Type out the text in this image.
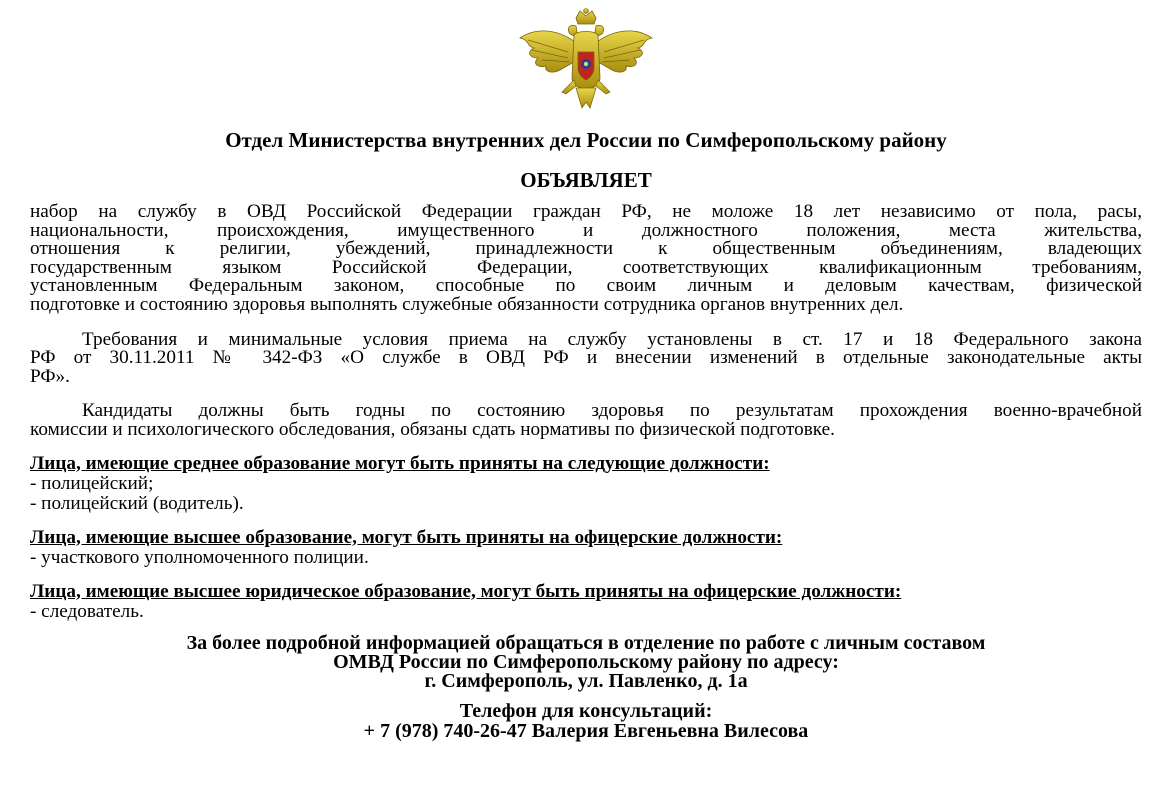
Отдел Министерства внутренних дел России по Симферопольскому району
ОБЪЯВЛЯЕТ
набор на службу в ОВД Российской Федерации граждан РФ, не моложе 18 лет независимо от пола, расы,
национальности, происхождения, имущественного и должностного положения, места жительства,
отношения к религии, убеждений, принадлежности к общественным объединениям, владеющих
государственным языком Российской Федерации, соответствующих квалификационным требованиям,
установленным Федеральным законом, способные по своим личным и деловым качествам, физической
подготовке и состоянию здоровья выполнять служебные обязанности сотрудника органов внутренних дел.
Требования и минимальные условия приема на службу установлены в ст. 17 и 18 Федерального закона
РФ от 30.11.2011 № 342-ФЗ «О службе в ОВД РФ и внесении изменений в отдельные законодательные акты
РФ».
Кандидаты должны быть годны по состоянию здоровья по результатам прохождения военно-врачебной
комиссии и психологического обследования, обязаны сдать нормативы по физической подготовке.
Лица, имеющие среднее образование могут быть приняты на следующие должности:
- полицейский;
- полицейский (водитель).
Лица, имеющие высшее образование, могут быть приняты на офицерские должности:
- участкового уполномоченного полиции.
Лица, имеющие высшее юридическое образование, могут быть приняты на офицерские должности:
- следователь.
За более подробной информацией обращаться в отделение по работе с личным составом
ОМВД России по Симферопольскому району по адресу:
г. Симферополь, ул. Павленко, д. 1а
Телефон для консультаций:
+ 7 (978) 740-26-47 Валерия Евгеньевна Вилесова
